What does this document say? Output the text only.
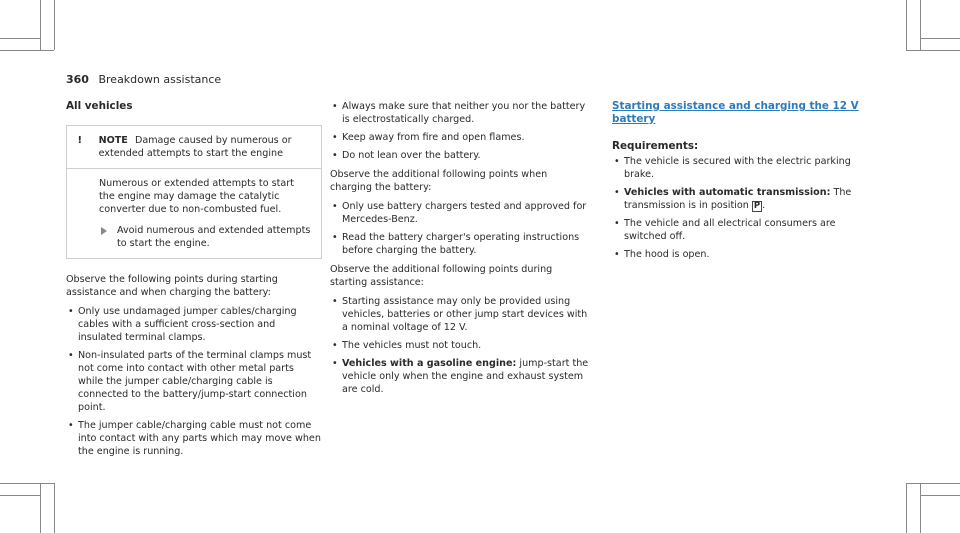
360 Breakdown assistance
All vehicles
! NOTE Damage caused by numerous or extended attempts to start the engine

Numerous or extended attempts to start the engine may damage the catalytic converter due to non-combusted fuel.

Avoid numerous and extended attempts to start the engine.

Observe the following points during starting assistance and when charging the battery:

• Only use undamaged jumper cables/charging cables with a sufficient cross-section and insulated terminal clamps.
• Non-insulated parts of the terminal clamps must not come into contact with other metal parts while the jumper cable/charging cable is connected to the battery/jump-start connection point.
• The jumper cable/charging cable must not come into contact with any parts which may move when the engine is running.
• Always make sure that neither you nor the battery is electrostatically charged.
• Keep away from fire and open flames.
• Do not lean over the battery.

Observe the additional following points when charging the battery:

• Only use battery chargers tested and approved for Mercedes-Benz.
• Read the battery charger's operating instructions before charging the battery.

Observe the additional following points during starting assistance:

• Starting assistance may only be provided using vehicles, batteries or other jump start devices with a nominal voltage of 12 V.
• The vehicles must not touch.
• Vehicles with a gasoline engine: jump-start the vehicle only when the engine and exhaust system are cold.
Starting assistance and charging the 12 V battery
Requirements:
• The vehicle is secured with the electric parking brake.
• Vehicles with automatic transmission: The transmission is in position P .
• The vehicle and all electrical consumers are switched off.
• The hood is open.
